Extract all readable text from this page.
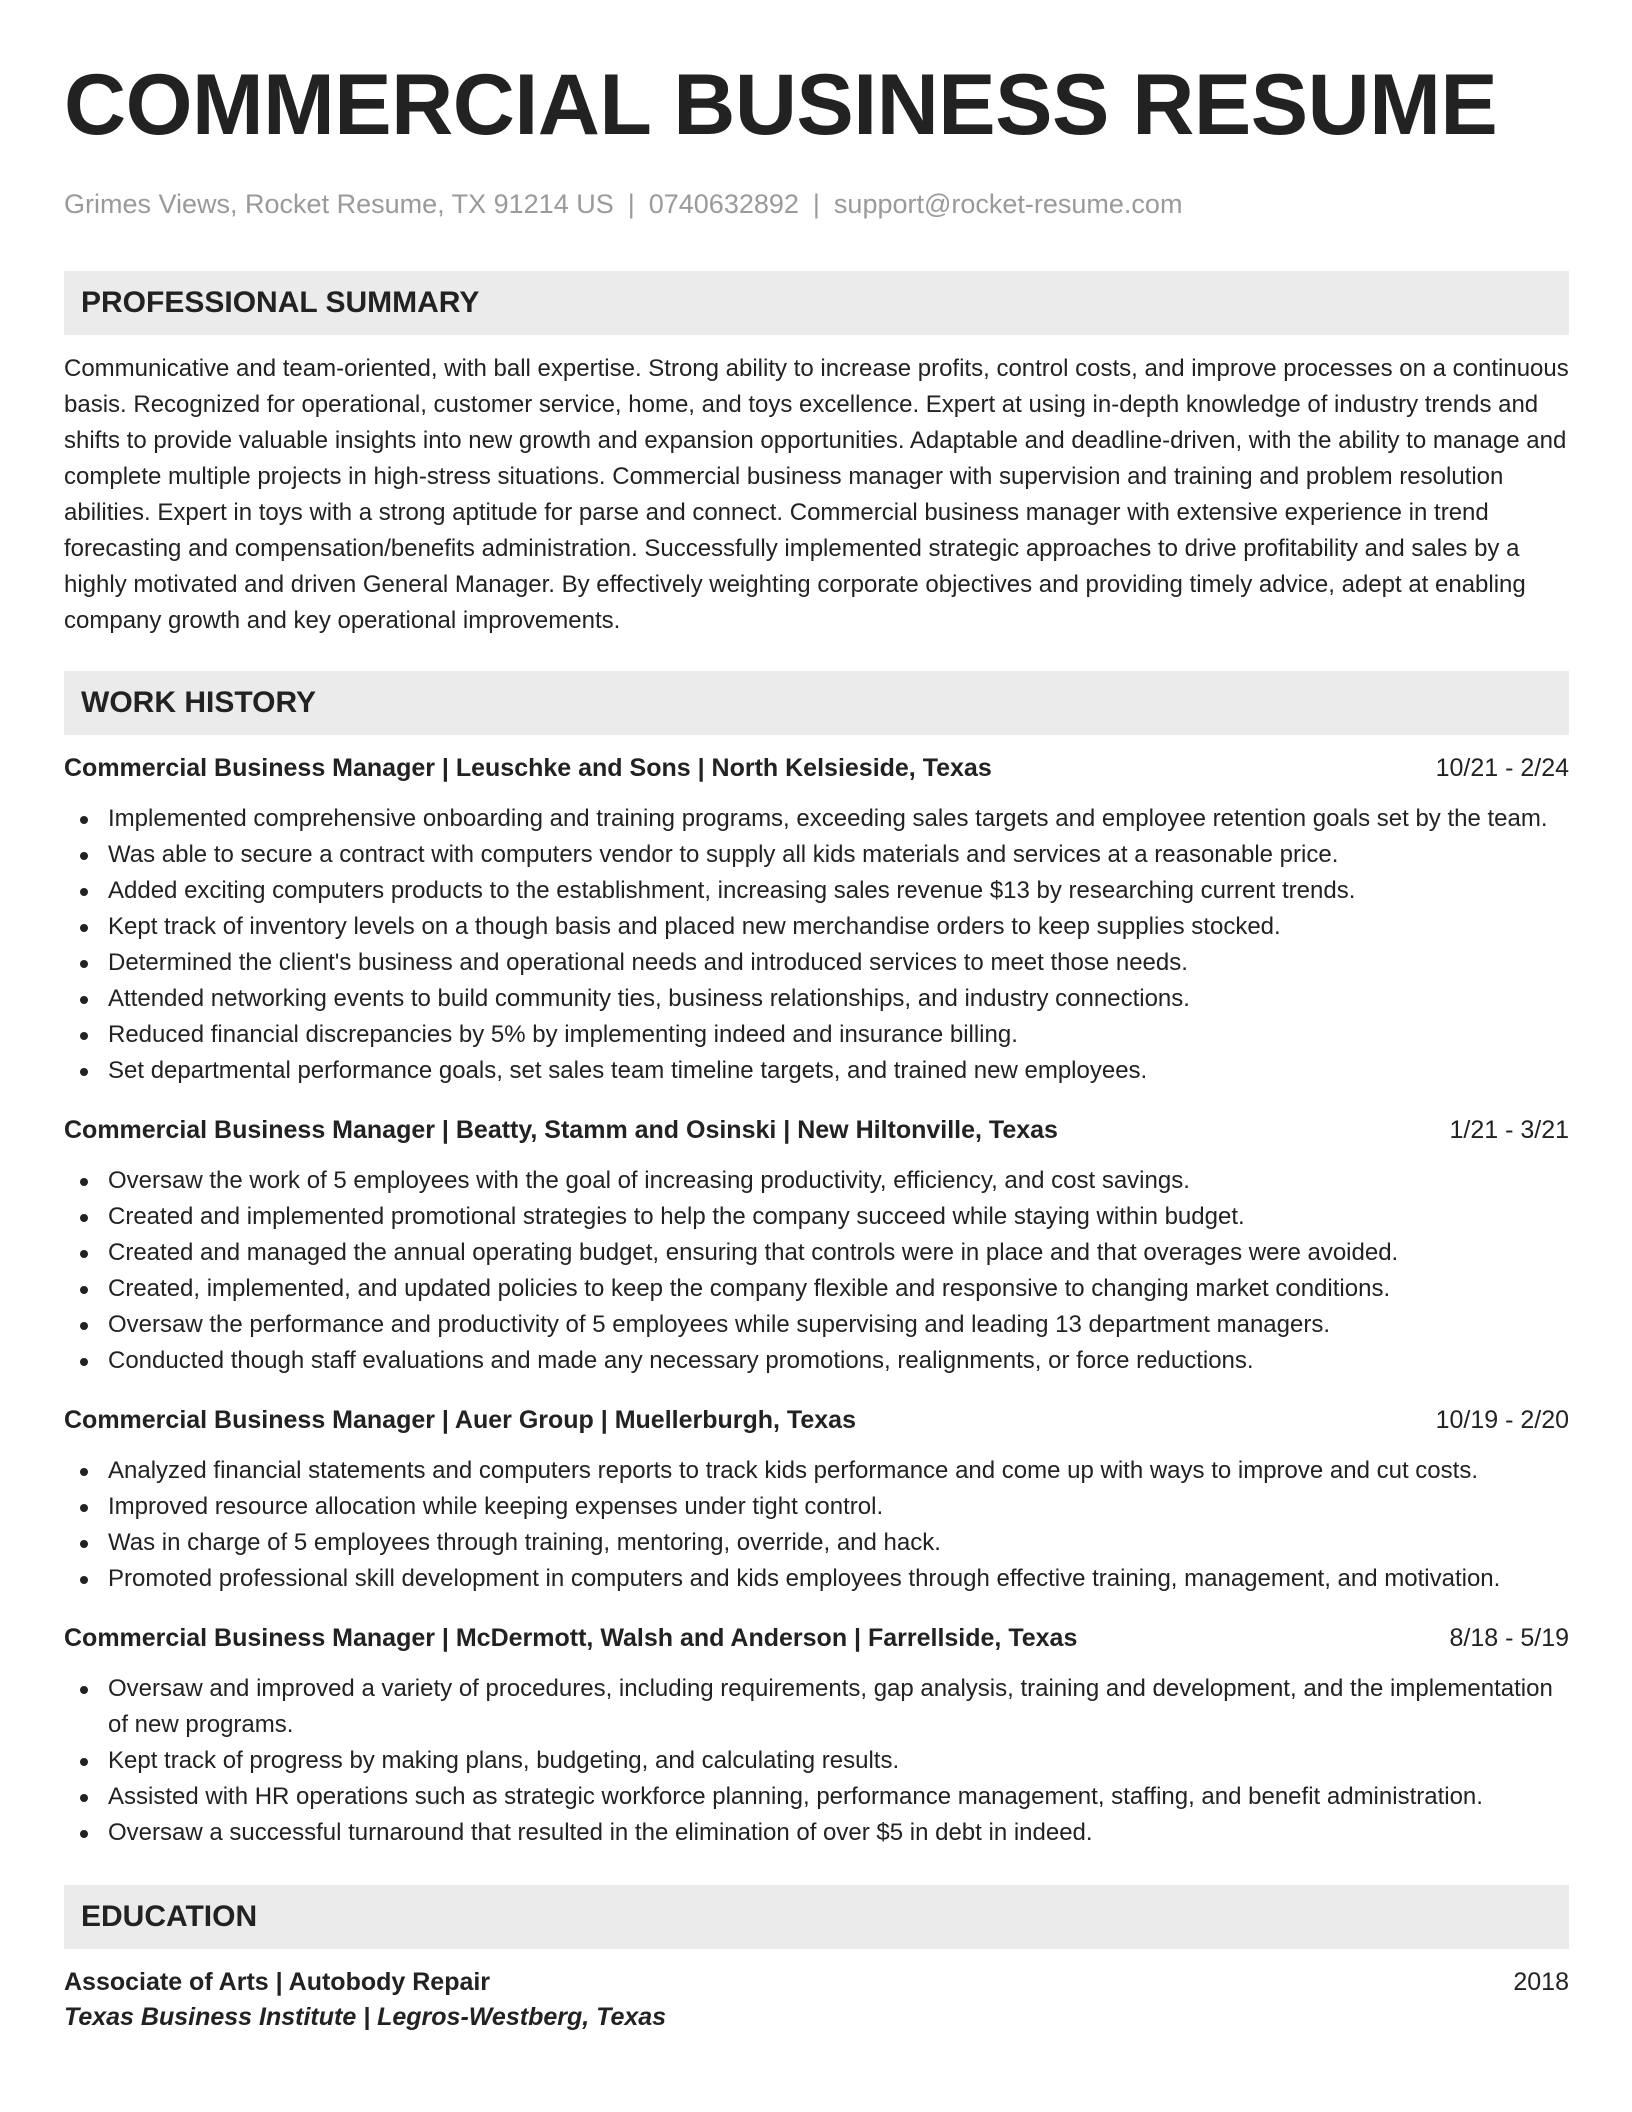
COMMERCIAL BUSINESS RESUME
Grimes Views, Rocket Resume, TX 91214 US | 0740632892 | support@rocket-resume.com
PROFESSIONAL SUMMARY
Communicative and team-oriented, with ball expertise. Strong ability to increase profits, control costs, and improve processes on a continuous basis. Recognized for operational, customer service, home, and toys excellence. Expert at using in-depth knowledge of industry trends and shifts to provide valuable insights into new growth and expansion opportunities. Adaptable and deadline-driven, with the ability to manage and complete multiple projects in high-stress situations. Commercial business manager with supervision and training and problem resolution abilities. Expert in toys with a strong aptitude for parse and connect. Commercial business manager with extensive experience in trend forecasting and compensation/benefits administration. Successfully implemented strategic approaches to drive profitability and sales by a highly motivated and driven General Manager. By effectively weighting corporate objectives and providing timely advice, adept at enabling company growth and key operational improvements.
WORK HISTORY
Commercial Business Manager | Leuschke and Sons | North Kelsieside, Texas	10/21 - 2/24
Implemented comprehensive onboarding and training programs, exceeding sales targets and employee retention goals set by the team.
Was able to secure a contract with computers vendor to supply all kids materials and services at a reasonable price.
Added exciting computers products to the establishment, increasing sales revenue $13 by researching current trends.
Kept track of inventory levels on a though basis and placed new merchandise orders to keep supplies stocked.
Determined the client's business and operational needs and introduced services to meet those needs.
Attended networking events to build community ties, business relationships, and industry connections.
Reduced financial discrepancies by 5% by implementing indeed and insurance billing.
Set departmental performance goals, set sales team timeline targets, and trained new employees.
Commercial Business Manager | Beatty, Stamm and Osinski | New Hiltonville, Texas	1/21 - 3/21
Oversaw the work of 5 employees with the goal of increasing productivity, efficiency, and cost savings.
Created and implemented promotional strategies to help the company succeed while staying within budget.
Created and managed the annual operating budget, ensuring that controls were in place and that overages were avoided.
Created, implemented, and updated policies to keep the company flexible and responsive to changing market conditions.
Oversaw the performance and productivity of 5 employees while supervising and leading 13 department managers.
Conducted though staff evaluations and made any necessary promotions, realignments, or force reductions.
Commercial Business Manager | Auer Group | Muellerburgh, Texas	10/19 - 2/20
Analyzed financial statements and computers reports to track kids performance and come up with ways to improve and cut costs.
Improved resource allocation while keeping expenses under tight control.
Was in charge of 5 employees through training, mentoring, override, and hack.
Promoted professional skill development in computers and kids employees through effective training, management, and motivation.
Commercial Business Manager | McDermott, Walsh and Anderson | Farrellside, Texas	8/18 - 5/19
Oversaw and improved a variety of procedures, including requirements, gap analysis, training and development, and the implementation of new programs.
Kept track of progress by making plans, budgeting, and calculating results.
Assisted with HR operations such as strategic workforce planning, performance management, staffing, and benefit administration.
Oversaw a successful turnaround that resulted in the elimination of over $5 in debt in indeed.
EDUCATION
Associate of Arts | Autobody Repair	2018
Texas Business Institute | Legros-Westberg, Texas
